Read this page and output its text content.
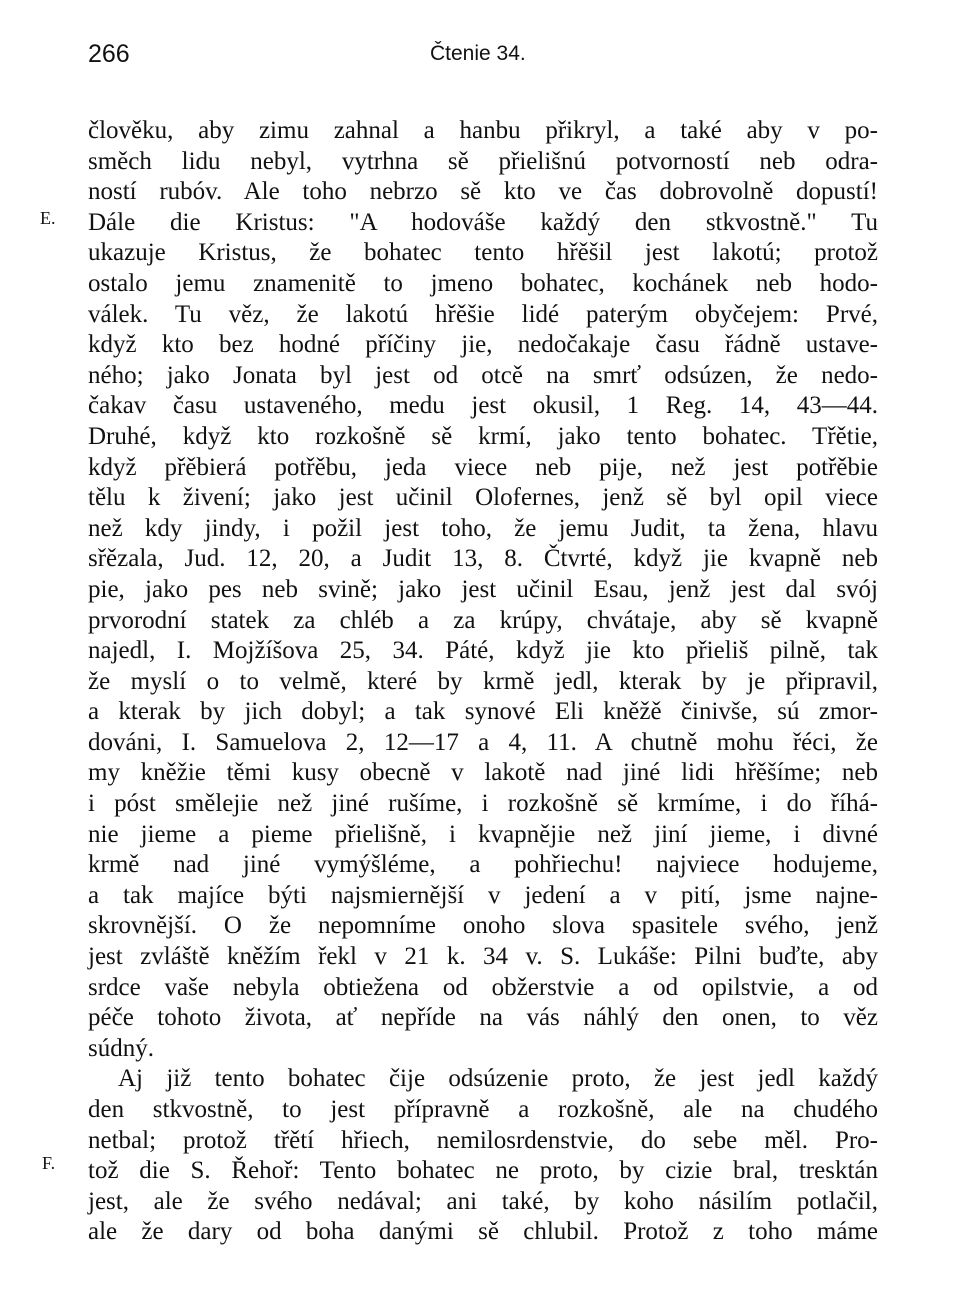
266	Čtenie 34.
E.
F.
člověku, aby zimu zahnal a hanbu přikryl, a také aby v po-
směch lidu nebyl, vytrhna sě přielišnú potvorností neb odra-
ností rubóv. Ale toho nebrzo sě kto ve čas dobrovolně dopustí!
Dále die Kristus: "A hodováše každý den stkvostně." Tu
ukazuje Kristus, že bohatec tento hřěšil jest lakotú; protož
ostalo jemu znamenitě to jmeno bohatec, kochánek neb hodo-
válek. Tu věz, že lakotú hřěšie lidé paterým obyčejem: Prvé,
když kto bez hodné příčiny jie, nedočakaje času řádně ustave-
ného; jako Jonata byl jest od otcě na smrť odsúzen, že nedo-
čakav času ustaveného, medu jest okusil, 1 Reg. 14, 43—44.
Druhé, když kto rozkošně sě krmí, jako tento bohatec. Třětie,
když přěbierá potřěbu, jeda viece neb pije, než jest potřěbie
tělu k živení; jako jest učinil Olofernes, jenž sě byl opil viece
než kdy jindy, i požil jest toho, že jemu Judit, ta žena, hlavu
sřězala, Jud. 12, 20, a Judit 13, 8. Čtvrté, když jie kvapně neb
pie, jako pes neb svině; jako jest učinil Esau, jenž jest dal svój
prvorodní statek za chléb a za krúpy, chvátaje, aby sě kvapně
najedl, I. Mojžíšova 25, 34. Páté, když jie kto přieliš pilně, tak
že myslí o to velmě, které by krmě jedl, kterak by je připravil,
a kterak by jich dobyl; a tak synové Eli kněžě činivše, sú zmor-
dováni, I. Samuelova 2, 12—17 a 4, 11. A chutně mohu řéci, že
my kněžie těmi kusy obecně v lakotě nad jiné lidi hřěšíme; neb
i póst smělejie než jiné rušíme, i rozkošně sě krmíme, i do říhá-
nie jieme a pieme přielišně, i kvapnějie než jiní jieme, i divné
krmě nad jiné vymýšléme, a pohřiechu! najviece hodujeme,
a tak majíce býti najsmiernější v jedení a v pití, jsme najne-
skrovnější. O že nepomníme onoho slova spasitele svého, jenž
jest zvláště kněžím řekl v 21 k. 34 v. S. Lukáše: Pilni buďte, aby
srdce vaše nebyla obtiežena od obžerstvie a od opilstvie, a od
péče tohoto života, ať nepříde na vás náhlý den onen, to věz
súdný.
Aj již tento bohatec čije odsúzenie proto, že jest jedl každý
den stkvostně, to jest přípravně a rozkošně, ale na chudého
netbal; protož třětí hřiech, nemilosrdenstvie, do sebe měl. Pro-
tož die S. Řehoř: Tento bohatec ne proto, by cizie bral, tresktán
jest, ale že svého nedával; ani také, by koho násilím potlačil,
ale že dary od boha danými sě chlubil. Protož z toho máme
